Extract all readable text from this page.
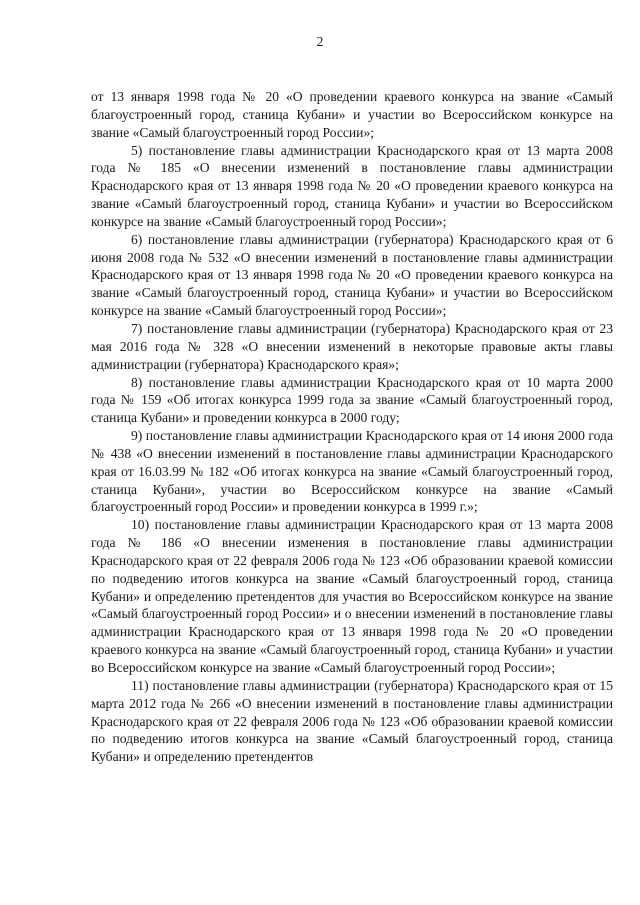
2

от 13 января 1998 года № 20 «О проведении краевого конкурса на звание «Самый благоустроенный город, станица Кубани» и участии во Всероссийском конкурсе на звание «Самый благоустроенный город России»;

5) постановление главы администрации Краснодарского края от 13 марта 2008 года № 185 «О внесении изменений в постановление главы администрации Краснодарского края от 13 января 1998 года № 20 «О проведении краевого конкурса на звание «Самый благоустроенный город, станица Кубани» и участии во Всероссийском конкурсе на звание «Самый благоустроенный город России»;

6) постановление главы администрации (губернатора) Краснодарского края от 6 июня 2008 года № 532 «О внесении изменений в постановление главы администрации Краснодарского края от 13 января 1998 года № 20 «О проведении краевого конкурса на звание «Самый благоустроенный город, станица Кубани» и участии во Всероссийском конкурсе на звание «Самый благоустроенный город России»;

7) постановление главы администрации (губернатора) Краснодарского края от 23 мая 2016 года № 328 «О внесении изменений в некоторые правовые акты главы администрации (губернатора) Краснодарского края»;

8) постановление главы администрации Краснодарского края от 10 марта 2000 года № 159 «Об итогах конкурса 1999 года за звание «Самый благоустроенный город, станица Кубани» и проведении конкурса в 2000 году;

9) постановление главы администрации Краснодарского края от 14 июня 2000 года № 438 «О внесении изменений в постановление главы администрации Краснодарского края от 16.03.99 № 182 «Об итогах конкурса на звание «Самый благоустроенный город, станица Кубани», участии во Всероссийском конкурсе на звание «Самый благоустроенный город России» и проведении конкурса в 1999 г.»;

10) постановление главы администрации Краснодарского края от 13 марта 2008 года № 186 «О внесении изменения в постановление главы администрации Краснодарского края от 22 февраля 2006 года № 123 «Об образовании краевой комиссии по подведению итогов конкурса на звание «Самый благоустроенный город, станица Кубани» и определению претендентов для участия во Всероссийском конкурсе на звание «Самый благоустроенный город России» и о внесении изменений в постановление главы администрации Краснодарского края от 13 января 1998 года № 20 «О проведении краевого конкурса на звание «Самый благоустроенный город, станица Кубани» и участии во Всероссийском конкурсе на звание «Самый благоустроенный город России»;

11) постановление главы администрации (губернатора) Краснодарского края от 15 марта 2012 года № 266 «О внесении изменений в постановление главы администрации Краснодарского края от 22 февраля 2006 года № 123 «Об образовании краевой комиссии по подведению итогов конкурса на звание «Самый благоустроенный город, станица Кубани» и определению претендентов
